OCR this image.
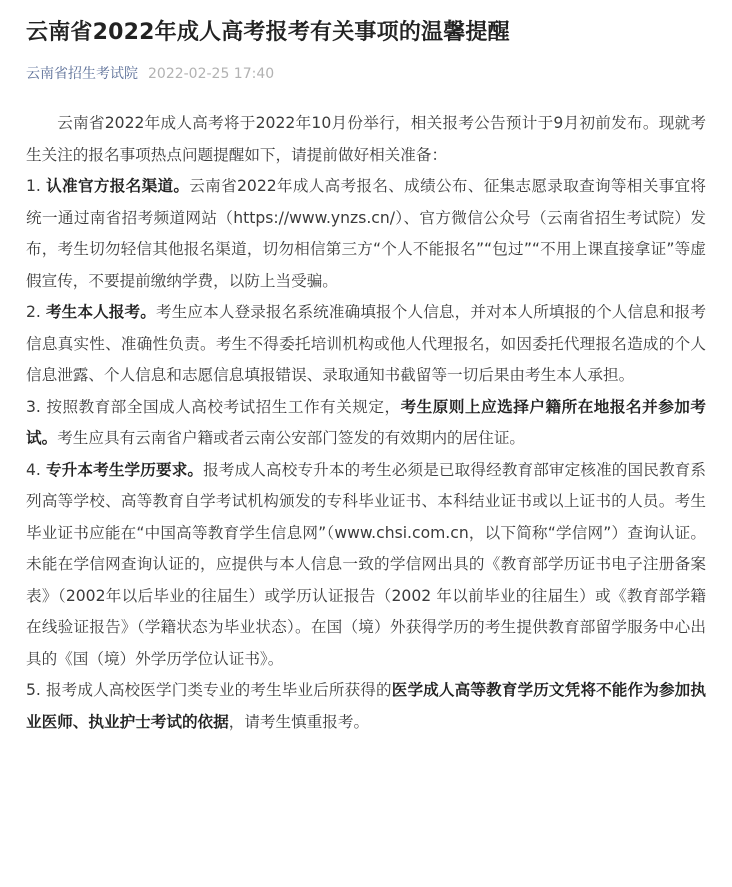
云南省2022年成人高考报考有关事项的温馨提醒
云南省招生考试院 2022-02-25 17:40

云南省2022年成人高考将于2022年10月份举行，相关报考公告预计于9月初前发布。现就考生关注的报名事项热点问题提醒如下，请提前做好相关准备：

1. 认准官方报名渠道。云南省2022年成人高考报名、成绩公布、征集志愿录取查询等相关事宜将统一通过南省招考频道网站（https://www.ynzs.cn/）、官方微信公众号（云南省招生考试院）发布，考生切勿轻信其他报名渠道，切勿相信第三方“个人不能报名”“包过”“不用上课直接拿证”等虚假宣传，不要提前缴纳学费，以防上当受骗。

2. 考生本人报考。考生应本人登录报名系统准确填报个人信息，并对本人所填报的个人信息和报考信息真实性、准确性负责。考生不得委托培训机构或他人代理报名，如因委托代理报名造成的个人信息泄露、个人信息和志愿信息填报错误、录取通知书截留等一切后果由考生本人承担。

3. 按照教育部全国成人高校考试招生工作有关规定，考生原则上应选择户籍所在地报名并参加考试。考生应具有云南省户籍或者云南公安部门签发的有效期内的居住证。

4. 专升本考生学历要求。报考成人高校专升本的考生必须是已取得经教育部审定核准的国民教育系列高等学校、高等教育自学考试机构颁发的专科毕业证书、本科结业证书或以上证书的人员。考生毕业证书应能在“中国高等教育学生信息网”（www.chsi.com.cn，以下简称“学信网”）查询认证。未能在学信网查询认证的，应提供与本人信息一致的学信网出具的《教育部学历证书电子注册备案表》（2002年以后毕业的往届生）或学历认证报告（2002 年以前毕业的往届生）或《教育部学籍在线验证报告》（学籍状态为毕业状态）。在国（境）外获得学历的考生提供教育部留学服务中心出具的《国（境）外学历学位认证书》。

5. 报考成人高校医学门类专业的考生毕业后所获得的医学成人高等教育学历文凭将不能作为参加执业医师、执业护士考试的依据，请考生慎重报考。
